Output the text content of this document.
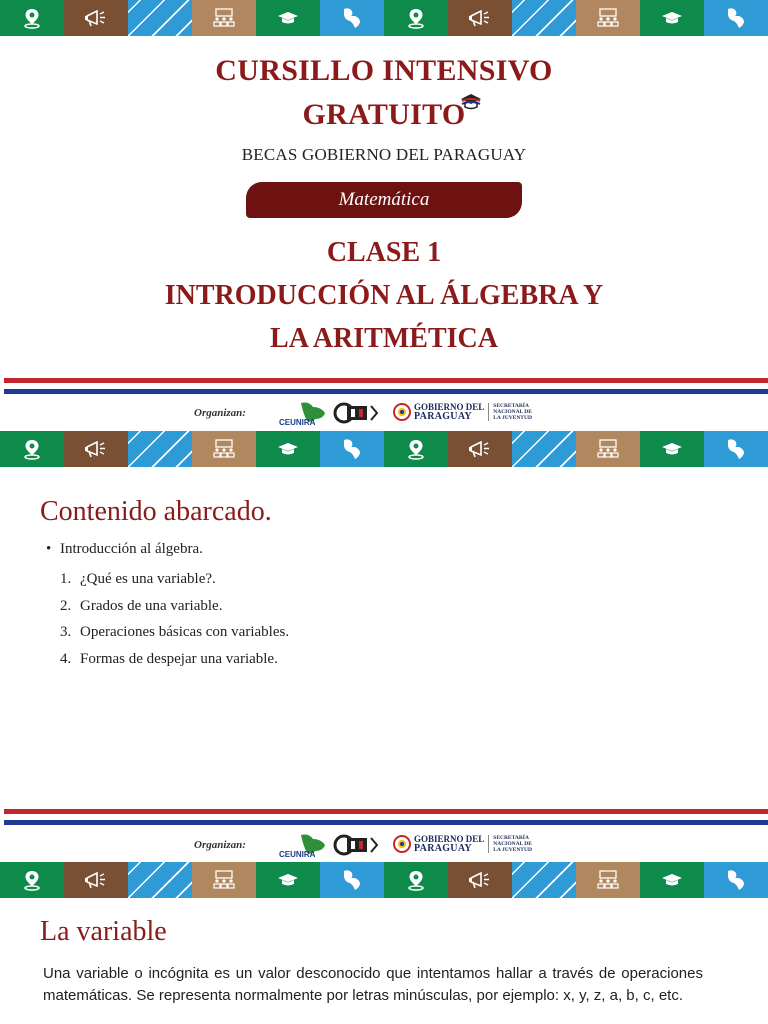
CURSILLO INTENSIVO
GRATUITO
BECAS GOBIERNO DEL PARAGUAY
Matemática
CLASE 1
INTRODUCCIÓN AL ÁLGEBRA Y
LA ARITMÉTICA
Organizan:
CEUNIRA
GOBIERNO DEL
PARAGUAY
SECRETARÍA
NACIONAL DE
LA JUVENTUD
Contenido abarcado.
• Introducción al álgebra.
1. ¿Qué es una variable?.
2. Grados de una variable.
3. Operaciones básicas con variables.
4. Formas de despejar una variable.
Organizan:
CEUNIRA
GOBIERNO DEL
PARAGUAY
SECRETARÍA
NACIONAL DE
LA JUVENTUD
La variable
Una variable o incógnita es un valor desconocido que intentamos hallar a través de operaciones matemáticas. Se representa normalmente por letras minúsculas, por ejemplo: x, y, z, a, b, c, etc.
